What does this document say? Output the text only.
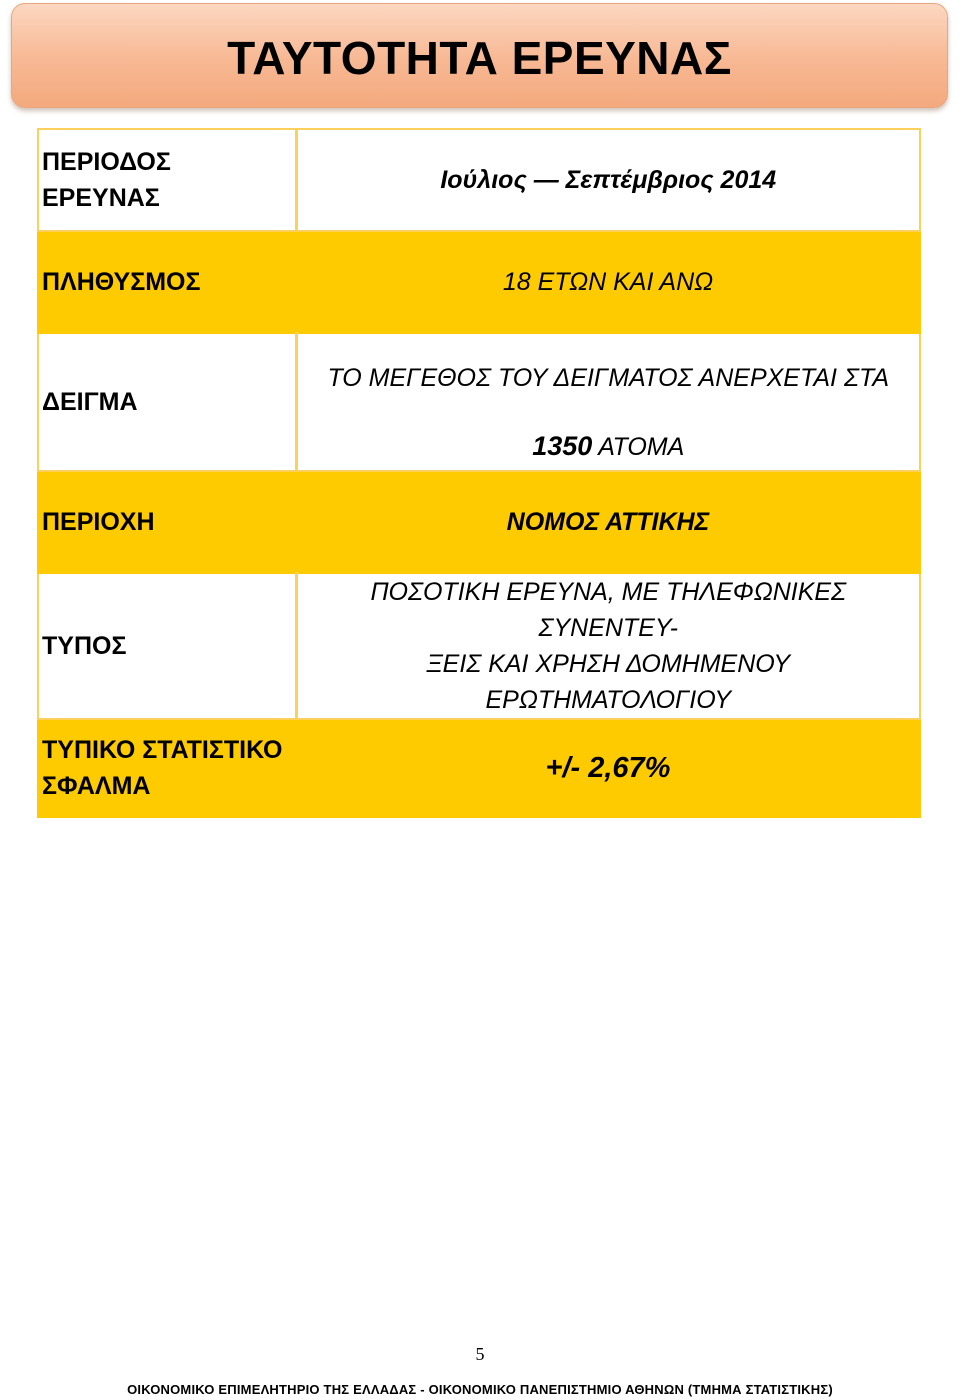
ΤΑΥΤΟΤΗΤΑ ΕΡΕΥΝΑΣ
ΠΕΡΙΟΔΟΣ ΕΡΕΥΝΑΣ	Ιούλιος — Σεπτέμβριος 2014
ΠΛΗΘΥΣΜΟΣ	18 ΕΤΩΝ ΚΑΙ ΑΝΩ
ΔΕΙΓΜΑ	ΤΟ ΜΕΓΕΘΟΣ ΤΟΥ ΔΕΙΓΜΑΤΟΣ ΑΝΕΡΧΕΤΑΙ ΣΤΑ
1350 ΑΤΟΜΑ

ΠΕΡΙΟΧΗ	ΝΟΜΟΣ ΑΤΤΙΚΗΣ
ΤΥΠΟΣ	ΠΟΣΟΤΙΚΗ ΕΡΕΥΝΑ, ΜΕ ΤΗΛΕΦΩΝΙΚΕΣ ΣΥΝΕΝΤΕΥ-
ΞΕΙΣ ΚΑΙ ΧΡΗΣΗ ΔΟΜΗΜΕΝΟΥ ΕΡΩΤΗΜΑΤΟΛΟΓΙΟΥ

ΤΥΠΙΚΟ ΣΤΑΤΙΣΤΙΚΟ
ΣΦΑΛΜΑ	+/- 2,67%
5
ΟΙΚΟΝΟΜΙΚΟ ΕΠΙΜΕΛΗΤΗΡΙΟ ΤΗΣ ΕΛΛΑΔΑΣ - ΟΙΚΟΝΟΜΙΚΟ ΠΑΝΕΠΙΣΤΗΜΙΟ ΑΘΗΝΩΝ (ΤΜΗΜΑ ΣΤΑΤΙΣΤΙΚΗΣ)
